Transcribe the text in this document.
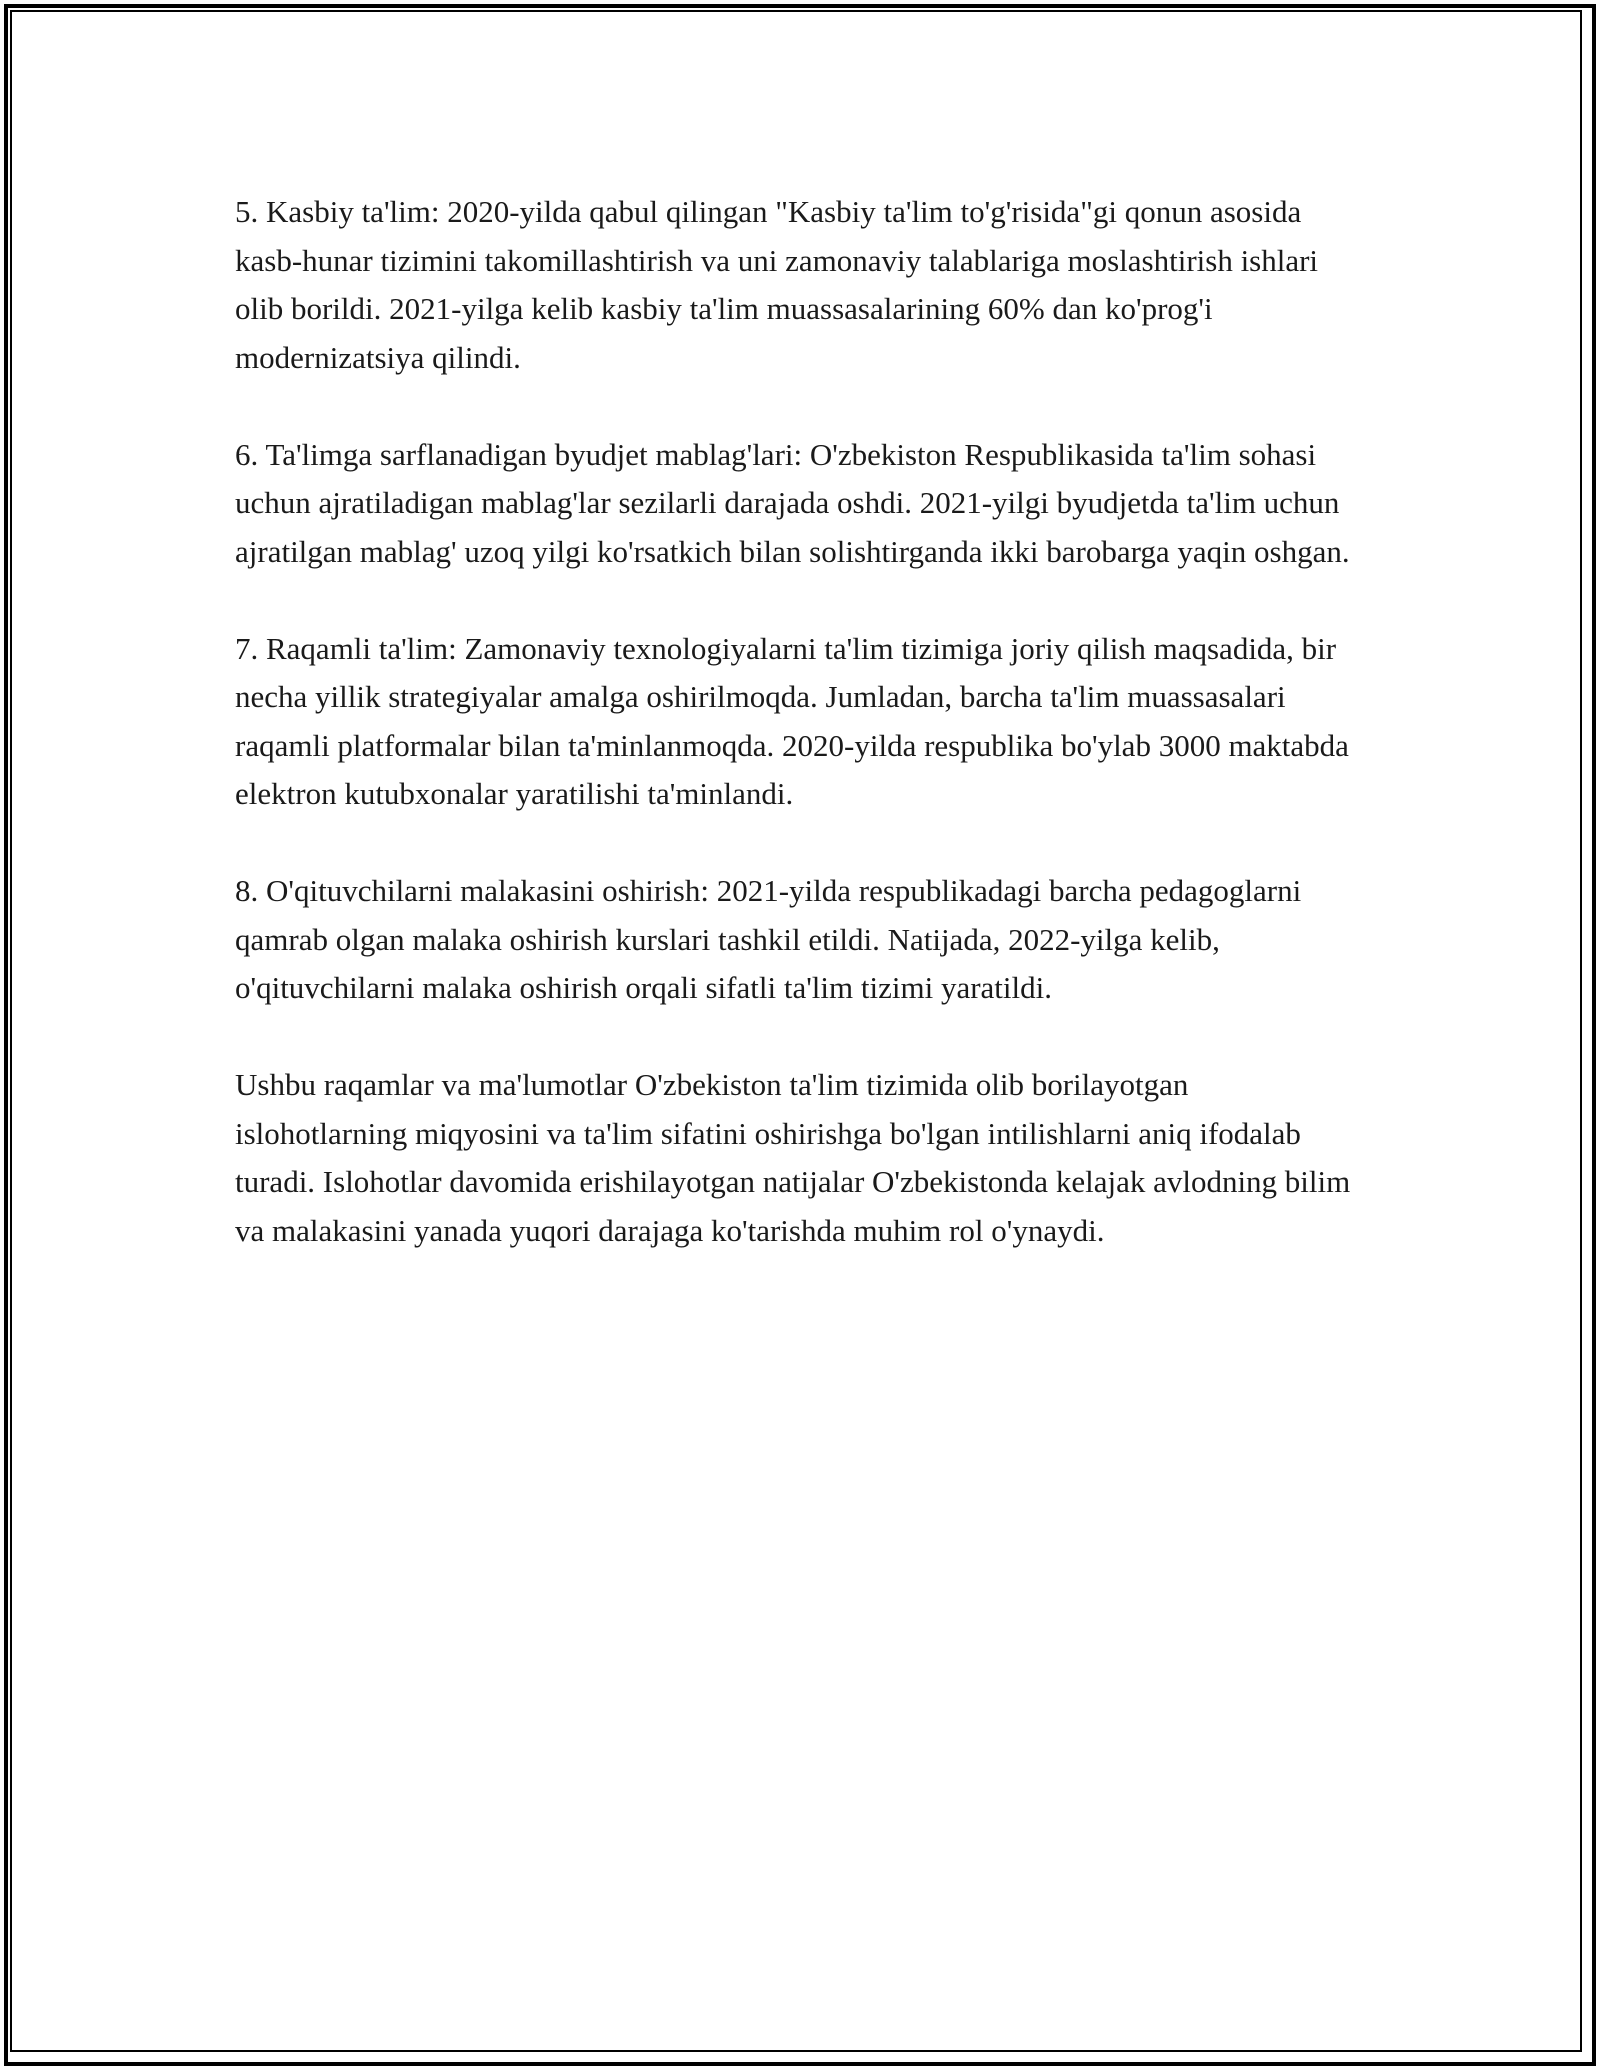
5. Kasbiy ta'lim: 2020-yilda qabul qilingan "Kasbiy ta'lim to'g'risida"gi qonun asosida kasb-hunar tizimini takomillashtirish va uni zamonaviy talablariga moslashtirish ishlari olib borildi. 2021-yilga kelib kasbiy ta'lim muassasalarining 60% dan ko'prog'i modernizatsiya qilindi.

6. Ta'limga sarflanadigan byudjet mablag'lari: O'zbekiston Respublikasida ta'lim sohasi uchun ajratiladigan mablag'lar sezilarli darajada oshdi. 2021-yilgi byudjetda ta'lim uchun ajratilgan mablag' uzoq yilgi ko'rsatkich bilan solishtirganda ikki barobarga yaqin oshgan.

7. Raqamli ta'lim: Zamonaviy texnologiyalarni ta'lim tizimiga joriy qilish maqsadida, bir necha yillik strategiyalar amalga oshirilmoqda. Jumladan, barcha ta'lim muassasalari raqamli platformalar bilan ta'minlanmoqda. 2020-yilda respublika bo'ylab 3000 maktabda elektron kutubxonalar yaratilishi ta'minlandi.

8. O'qituvchilarni malakasini oshirish: 2021-yilda respublikadagi barcha pedagoglarni qamrab olgan malaka oshirish kurslari tashkil etildi. Natijada, 2022-yilga kelib, o'qituvchilarni malaka oshirish orqali sifatli ta'lim tizimi yaratildi.

Ushbu raqamlar va ma'lumotlar O'zbekiston ta'lim tizimida olib borilayotgan islohotlarning miqyosini va ta'lim sifatini oshirishga bo'lgan intilishlarni aniq ifodalab turadi. Islohotlar davomida erishilayotgan natijalar O'zbekistonda kelajak avlodning bilim va malakasini yanada yuqori darajaga ko'tarishda muhim rol o'ynaydi.
